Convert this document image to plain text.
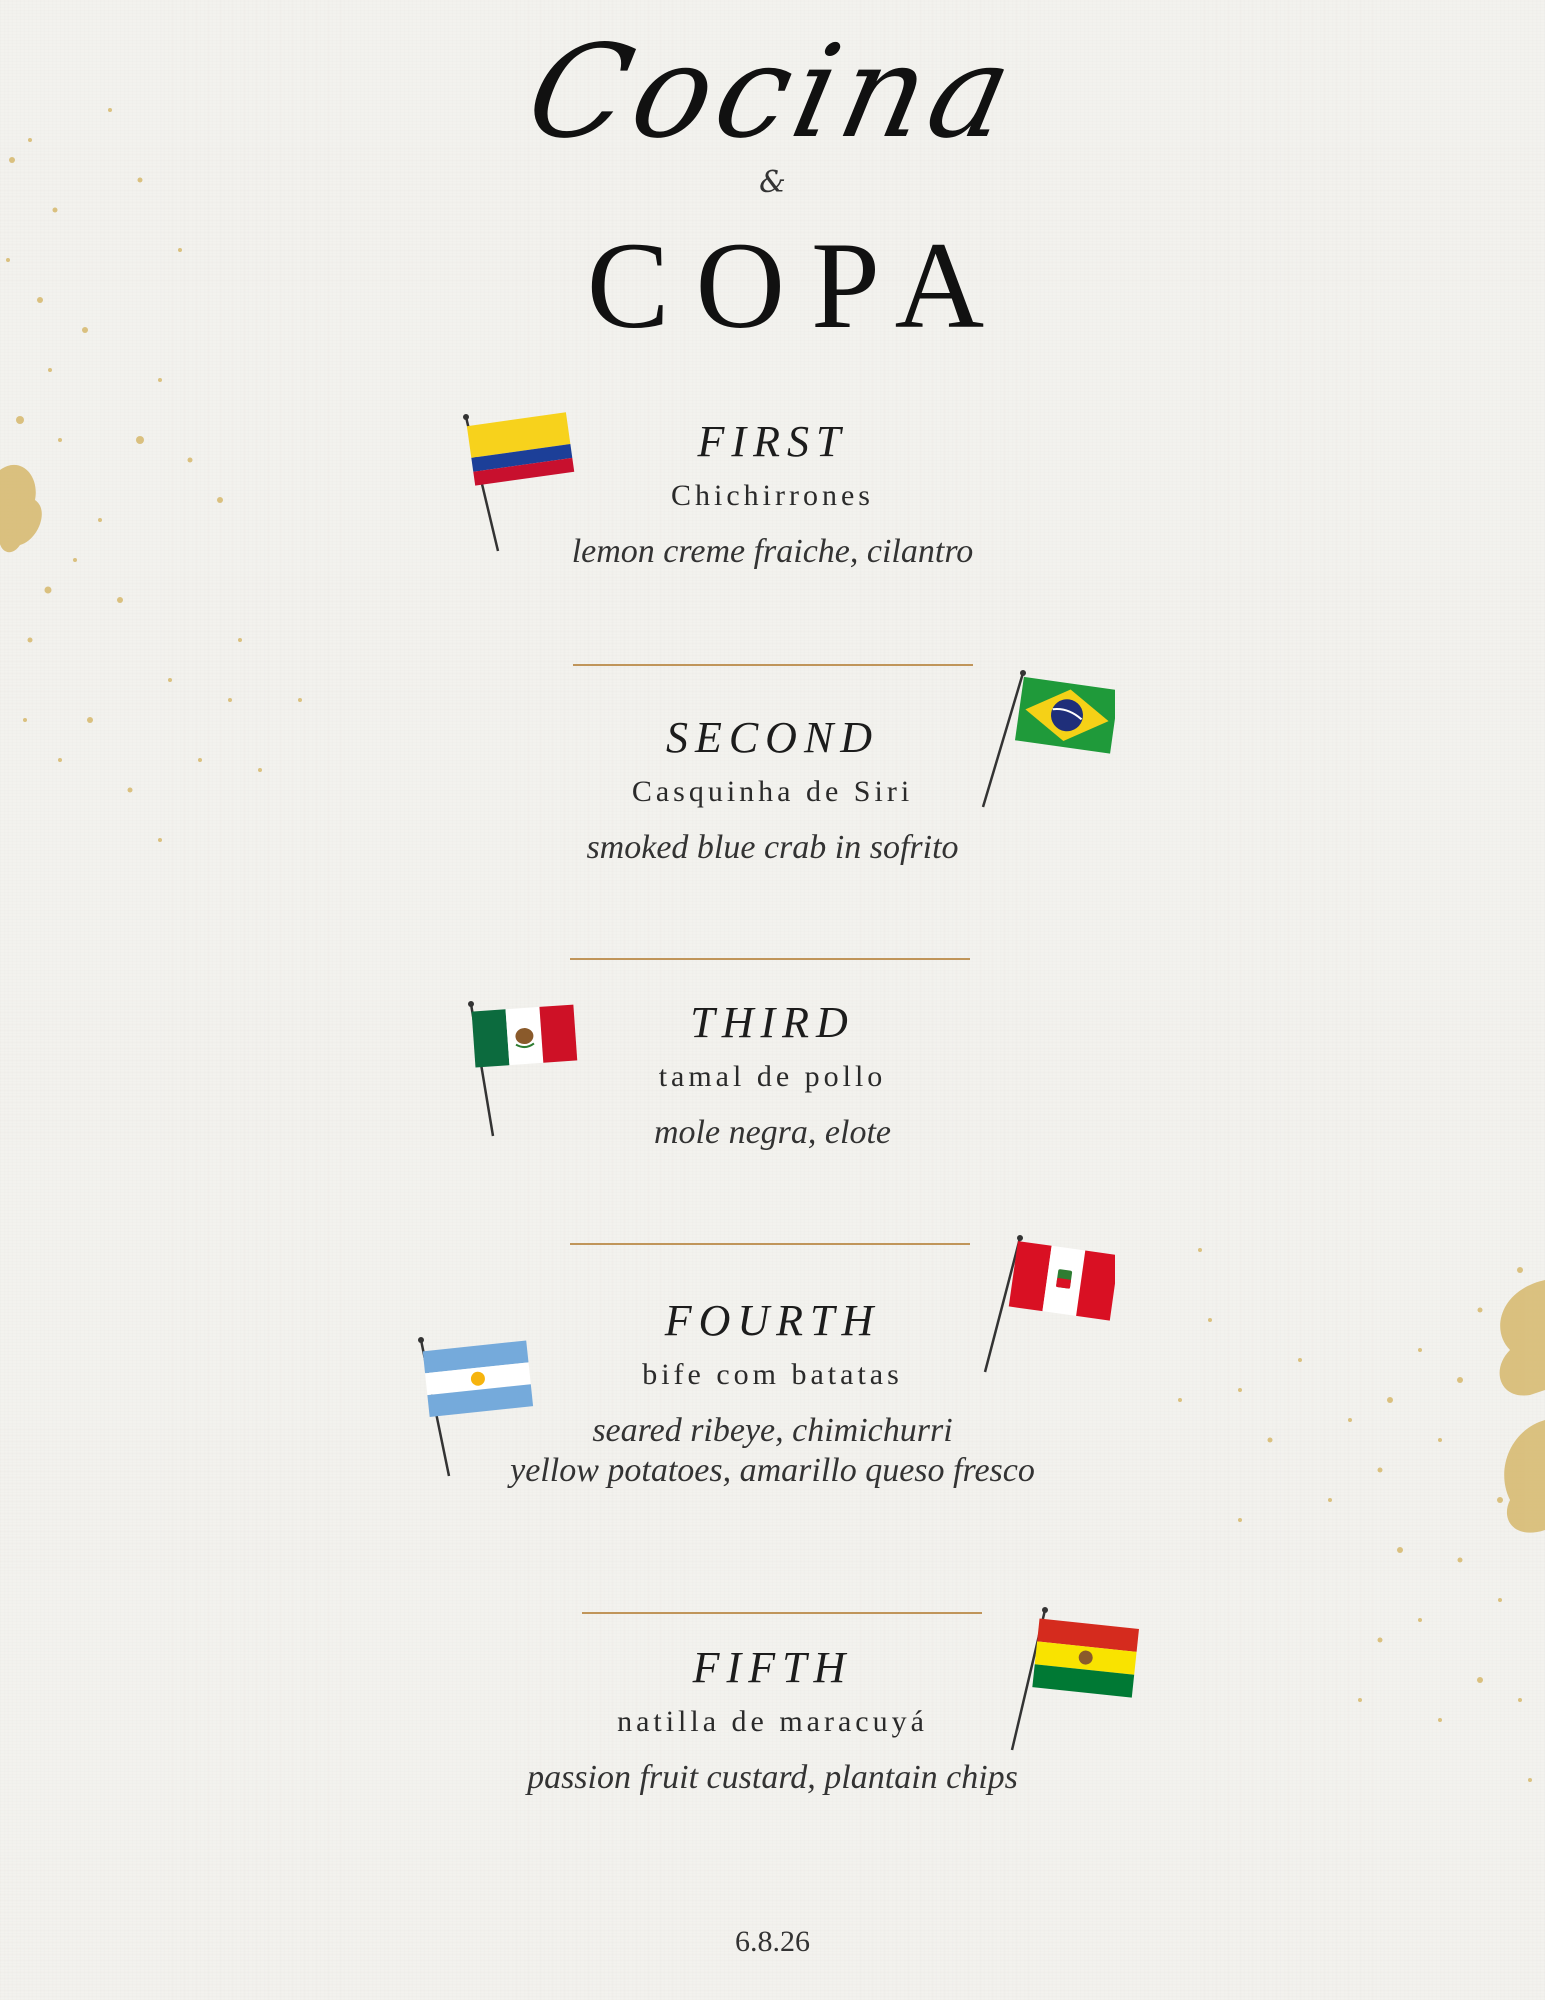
Cocina
&
COPA
FIRST
Chichirrones
lemon creme fraiche, cilantro
SECOND
Casquinha de Siri
smoked blue crab in sofrito
THIRD
tamal de pollo
mole negra, elote
FOURTH
bife com batatas
seared ribeye, chimichurri
yellow potatoes, amarillo queso fresco
FIFTH
natilla de maracuyá
passion fruit custard, plantain chips
6.8.26
